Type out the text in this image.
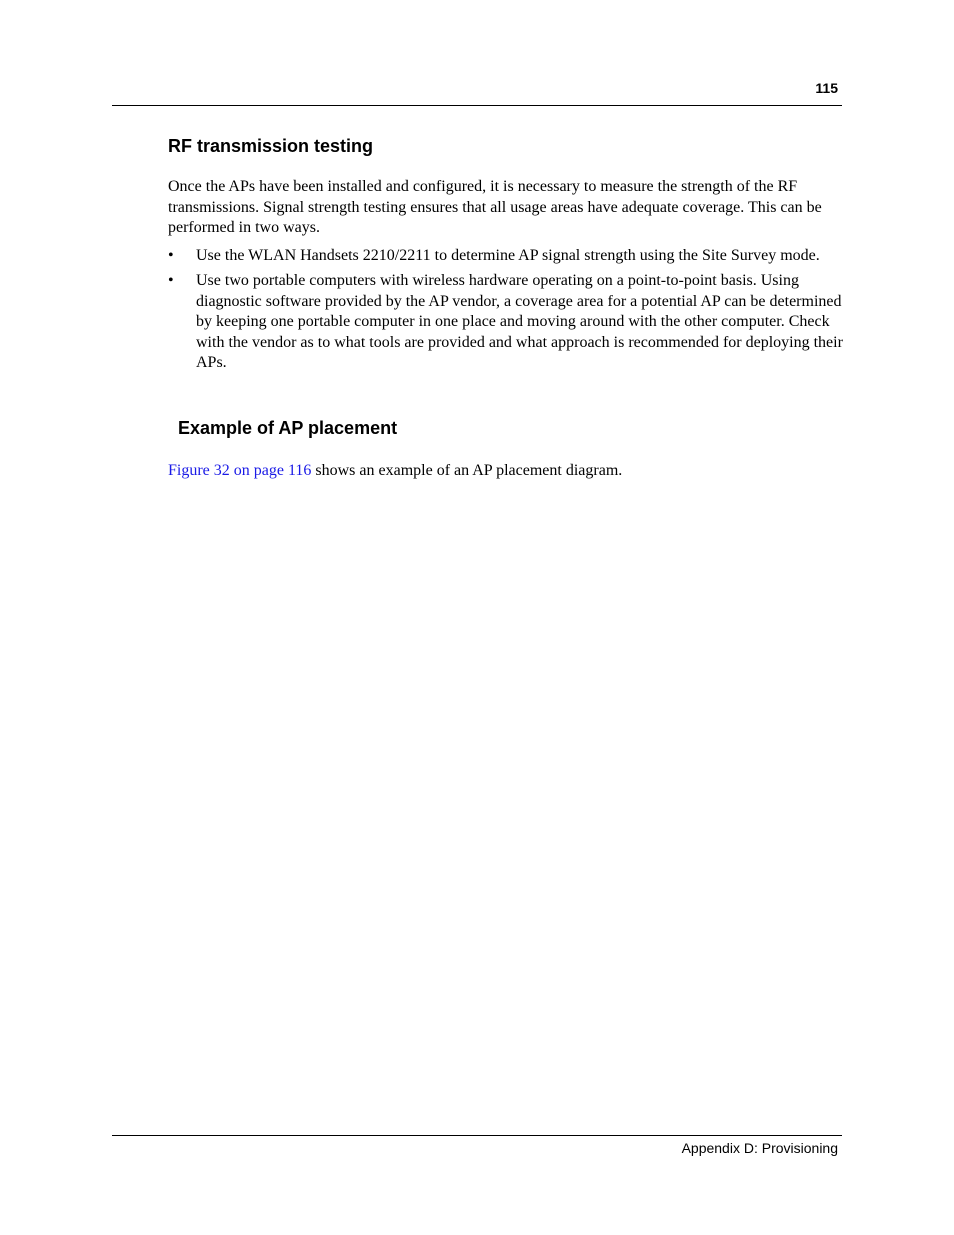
115
RF transmission testing

Once the APs have been installed and configured, it is necessary to measure the strength of the RF transmissions. Signal strength testing ensures that all usage areas have adequate coverage. This can be performed in two ways.

• Use the WLAN Handsets 2210/2211 to determine AP signal strength using the Site Survey mode.
• Use two portable computers with wireless hardware operating on a point-to-point basis. Using diagnostic software provided by the AP vendor, a coverage area for a potential AP can be determined by keeping one portable computer in one place and moving around with the other computer. Check with the vendor as to what tools are provided and what approach is recommended for deploying their APs.
Example of AP placement

Figure 32 on page 116 shows an example of an AP placement diagram.

Appendix D: Provisioning
